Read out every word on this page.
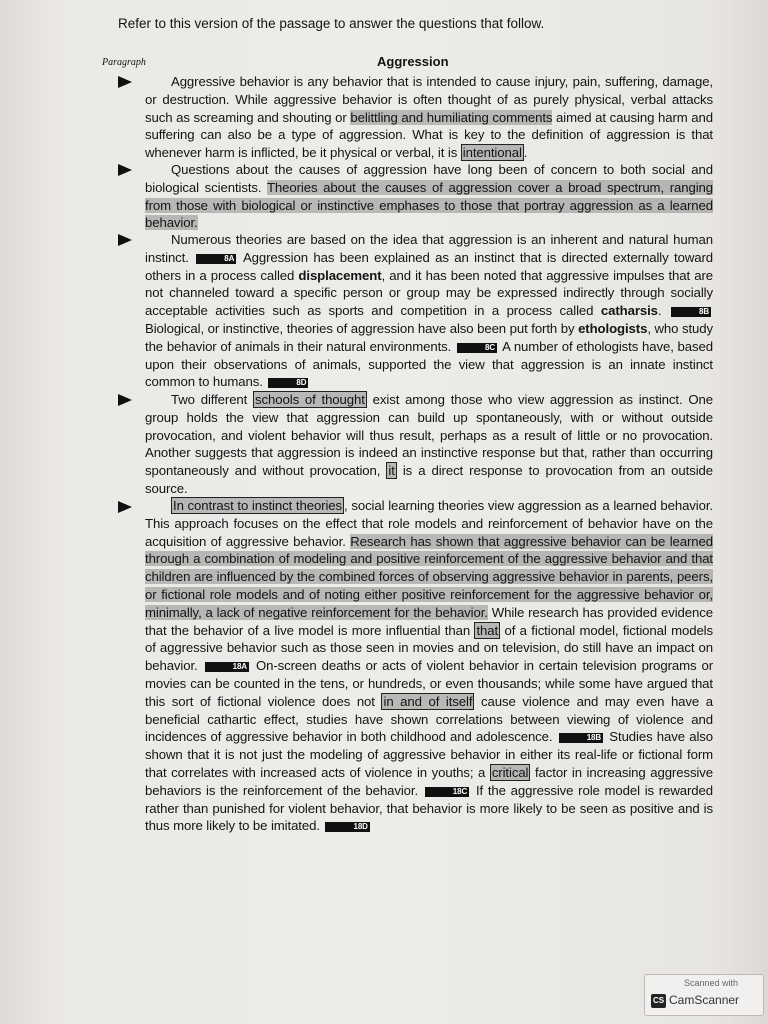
Refer to this version of the passage to answer the questions that follow.
Paragraph	Aggression
Aggressive behavior is any behavior that is intended to cause injury, pain, suffering, damage, or destruction. While aggressive behavior is often thought of as purely physical, verbal attacks such as screaming and shouting or belittling and humiliating comments aimed at causing harm and suffering can also be a type of aggression. What is key to the definition of aggression is that whenever harm is inflicted, be it physical or verbal, it is intentional .
Questions about the causes of aggression have long been of concern to both social and biological scientists. Theories about the causes of aggression cover a broad spectrum, ranging from those with biological or instinctive emphases to those that portray aggression as a learned behavior.
Numerous theories are based on the idea that aggression is an inherent and natural human instinct.	8A Aggression has been explained as an instinct that is directed externally toward others in a process called displacement, and it has been noted that aggressive impulses that are not channeled toward a specific person or group may be expressed indirectly through socially acceptable activities such as sports and competition in a process called catharsis.	8B Biological, or instinctive, theories of aggression have also been put forth by ethologists, who study the behavior of animals in their natural environments.	8C A number of ethologists have, based upon their observations of animals, supported the view that aggression is an innate instinct common to humans.	8D
Two different schools of thought exist among those who view aggression as instinct. One group holds the view that aggression can build up spontaneously, with or without outside provocation, and violent behavior will thus result, perhaps as a result of little or no provocation. Another suggests that aggression is indeed an instinctive response but that, rather than occurring spontaneously and without provocation, it is a direct response to provocation from an outside source.
In contrast to instinct theories , social learning theories view aggression as a learned behavior. This approach focuses on the effect that role models and reinforcement of behavior have on the acquisition of aggressive behavior. Research has shown that aggressive behavior can be learned through a combination of modeling and positive reinforcement of the aggressive behavior and that children are influenced by the combined forces of observing aggressive behavior in parents, peers, or fictional role models and of noting either positive reinforcement for the aggressive behavior or, minimally, a lack of negative reinforcement for the behavior. While research has provided evidence that the behavior of a live model is more influential than that of a fictional model, fictional models of aggressive behavior such as those seen in movies and on television, do still have an impact on behavior.	18A On-screen deaths or acts of violent behavior in certain television programs or movies can be counted in the tens, or hundreds, or even thousands; while some have argued that this sort of fictional violence does not in and of itself cause violence and may even have a beneficial cathartic effect, studies have shown correlations between viewing of violence and incidences of aggressive behavior in both childhood and adolescence.	18B Studies have also shown that it is not just the modeling of aggressive behavior in either its real-life or fictional form that correlates with increased acts of violence in youths; a critical factor in increasing aggressive behaviors is the reinforcement of the behavior.	18C If the aggressive role model is rewarded rather than punished for violent behavior, that behavior is more likely to be seen as positive and is thus more likely to be imitated.	18D
Scanned with
CS CamScanner
